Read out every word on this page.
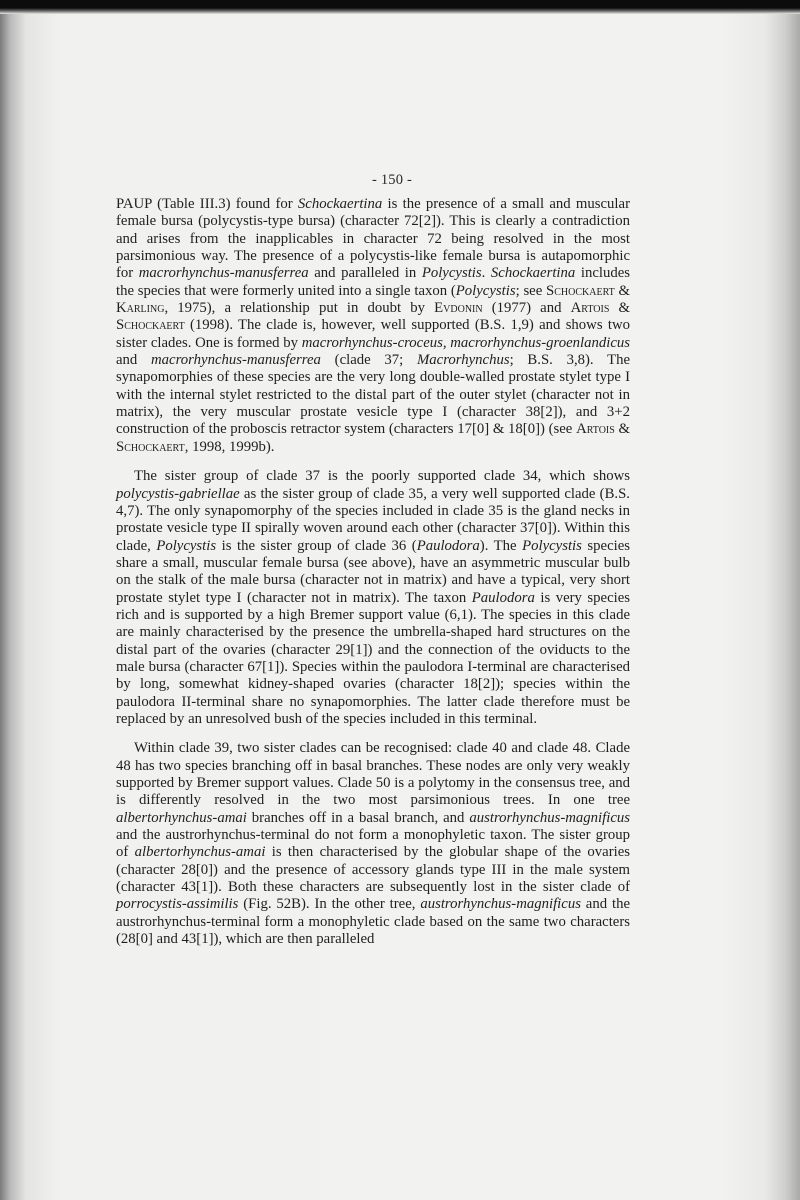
- 150 -

PAUP (Table III.3) found for Schockaertina is the presence of a small and muscular female bursa (polycystis-type bursa) (character 72[2]). This is clearly a contradiction and arises from the inapplicables in character 72 being resolved in the most parsimonious way. The presence of a polycystis-like female bursa is autapomorphic for macrorhynchus-manusferrea and paralleled in Polycystis. Schockaertina includes the species that were formerly united into a single taxon (Polycystis; see Schockaert & Karling, 1975), a relationship put in doubt by Evdonin (1977) and Artois & Schockaert (1998). The clade is, however, well supported (B.S. 1,9) and shows two sister clades. One is formed by macrorhynchus-croceus, macrorhynchus-groenlandicus and macrorhynchus-manusferrea (clade 37; Macrorhynchus; B.S. 3,8). The synapomorphies of these species are the very long double-walled prostate stylet type I with the internal stylet restricted to the distal part of the outer stylet (character not in matrix), the very muscular prostate vesicle type I (character 38[2]), and 3+2 construction of the proboscis retractor system (characters 17[0] & 18[0]) (see Artois & Schockaert, 1998, 1999b).

The sister group of clade 37 is the poorly supported clade 34, which shows polycystis-gabriellae as the sister group of clade 35, a very well supported clade (B.S. 4,7). The only synapomorphy of the species included in clade 35 is the gland necks in prostate vesicle type II spirally woven around each other (character 37[0]). Within this clade, Polycystis is the sister group of clade 36 (Paulodora). The Polycystis species share a small, muscular female bursa (see above), have an asymmetric muscular bulb on the stalk of the male bursa (character not in matrix) and have a typical, very short prostate stylet type I (character not in matrix). The taxon Paulodora is very species rich and is supported by a high Bremer support value (6,1). The species in this clade are mainly characterised by the presence the umbrella-shaped hard structures on the distal part of the ovaries (character 29[1]) and the connection of the oviducts to the male bursa (character 67[1]). Species within the paulodora I-terminal are characterised by long, somewhat kidney-shaped ovaries (character 18[2]); species within the paulodora II-terminal share no synapomorphies. The latter clade therefore must be replaced by an unresolved bush of the species included in this terminal.

Within clade 39, two sister clades can be recognised: clade 40 and clade 48. Clade 48 has two species branching off in basal branches. These nodes are only very weakly supported by Bremer support values. Clade 50 is a polytomy in the consensus tree, and is differently resolved in the two most parsimonious trees. In one tree albertorhynchus-amai branches off in a basal branch, and austrorhynchus-magnificus and the austrorhynchus-terminal do not form a monophyletic taxon. The sister group of albertorhynchus-amai is then characterised by the globular shape of the ovaries (character 28[0]) and the presence of accessory glands type III in the male system (character 43[1]). Both these characters are subsequently lost in the sister clade of porrocystis-assimilis (Fig. 52B). In the other tree, austrorhynchus-magnificus and the austrorhynchus-terminal form a monophyletic clade based on the same two characters (28[0] and 43[1]), which are then paralleled
